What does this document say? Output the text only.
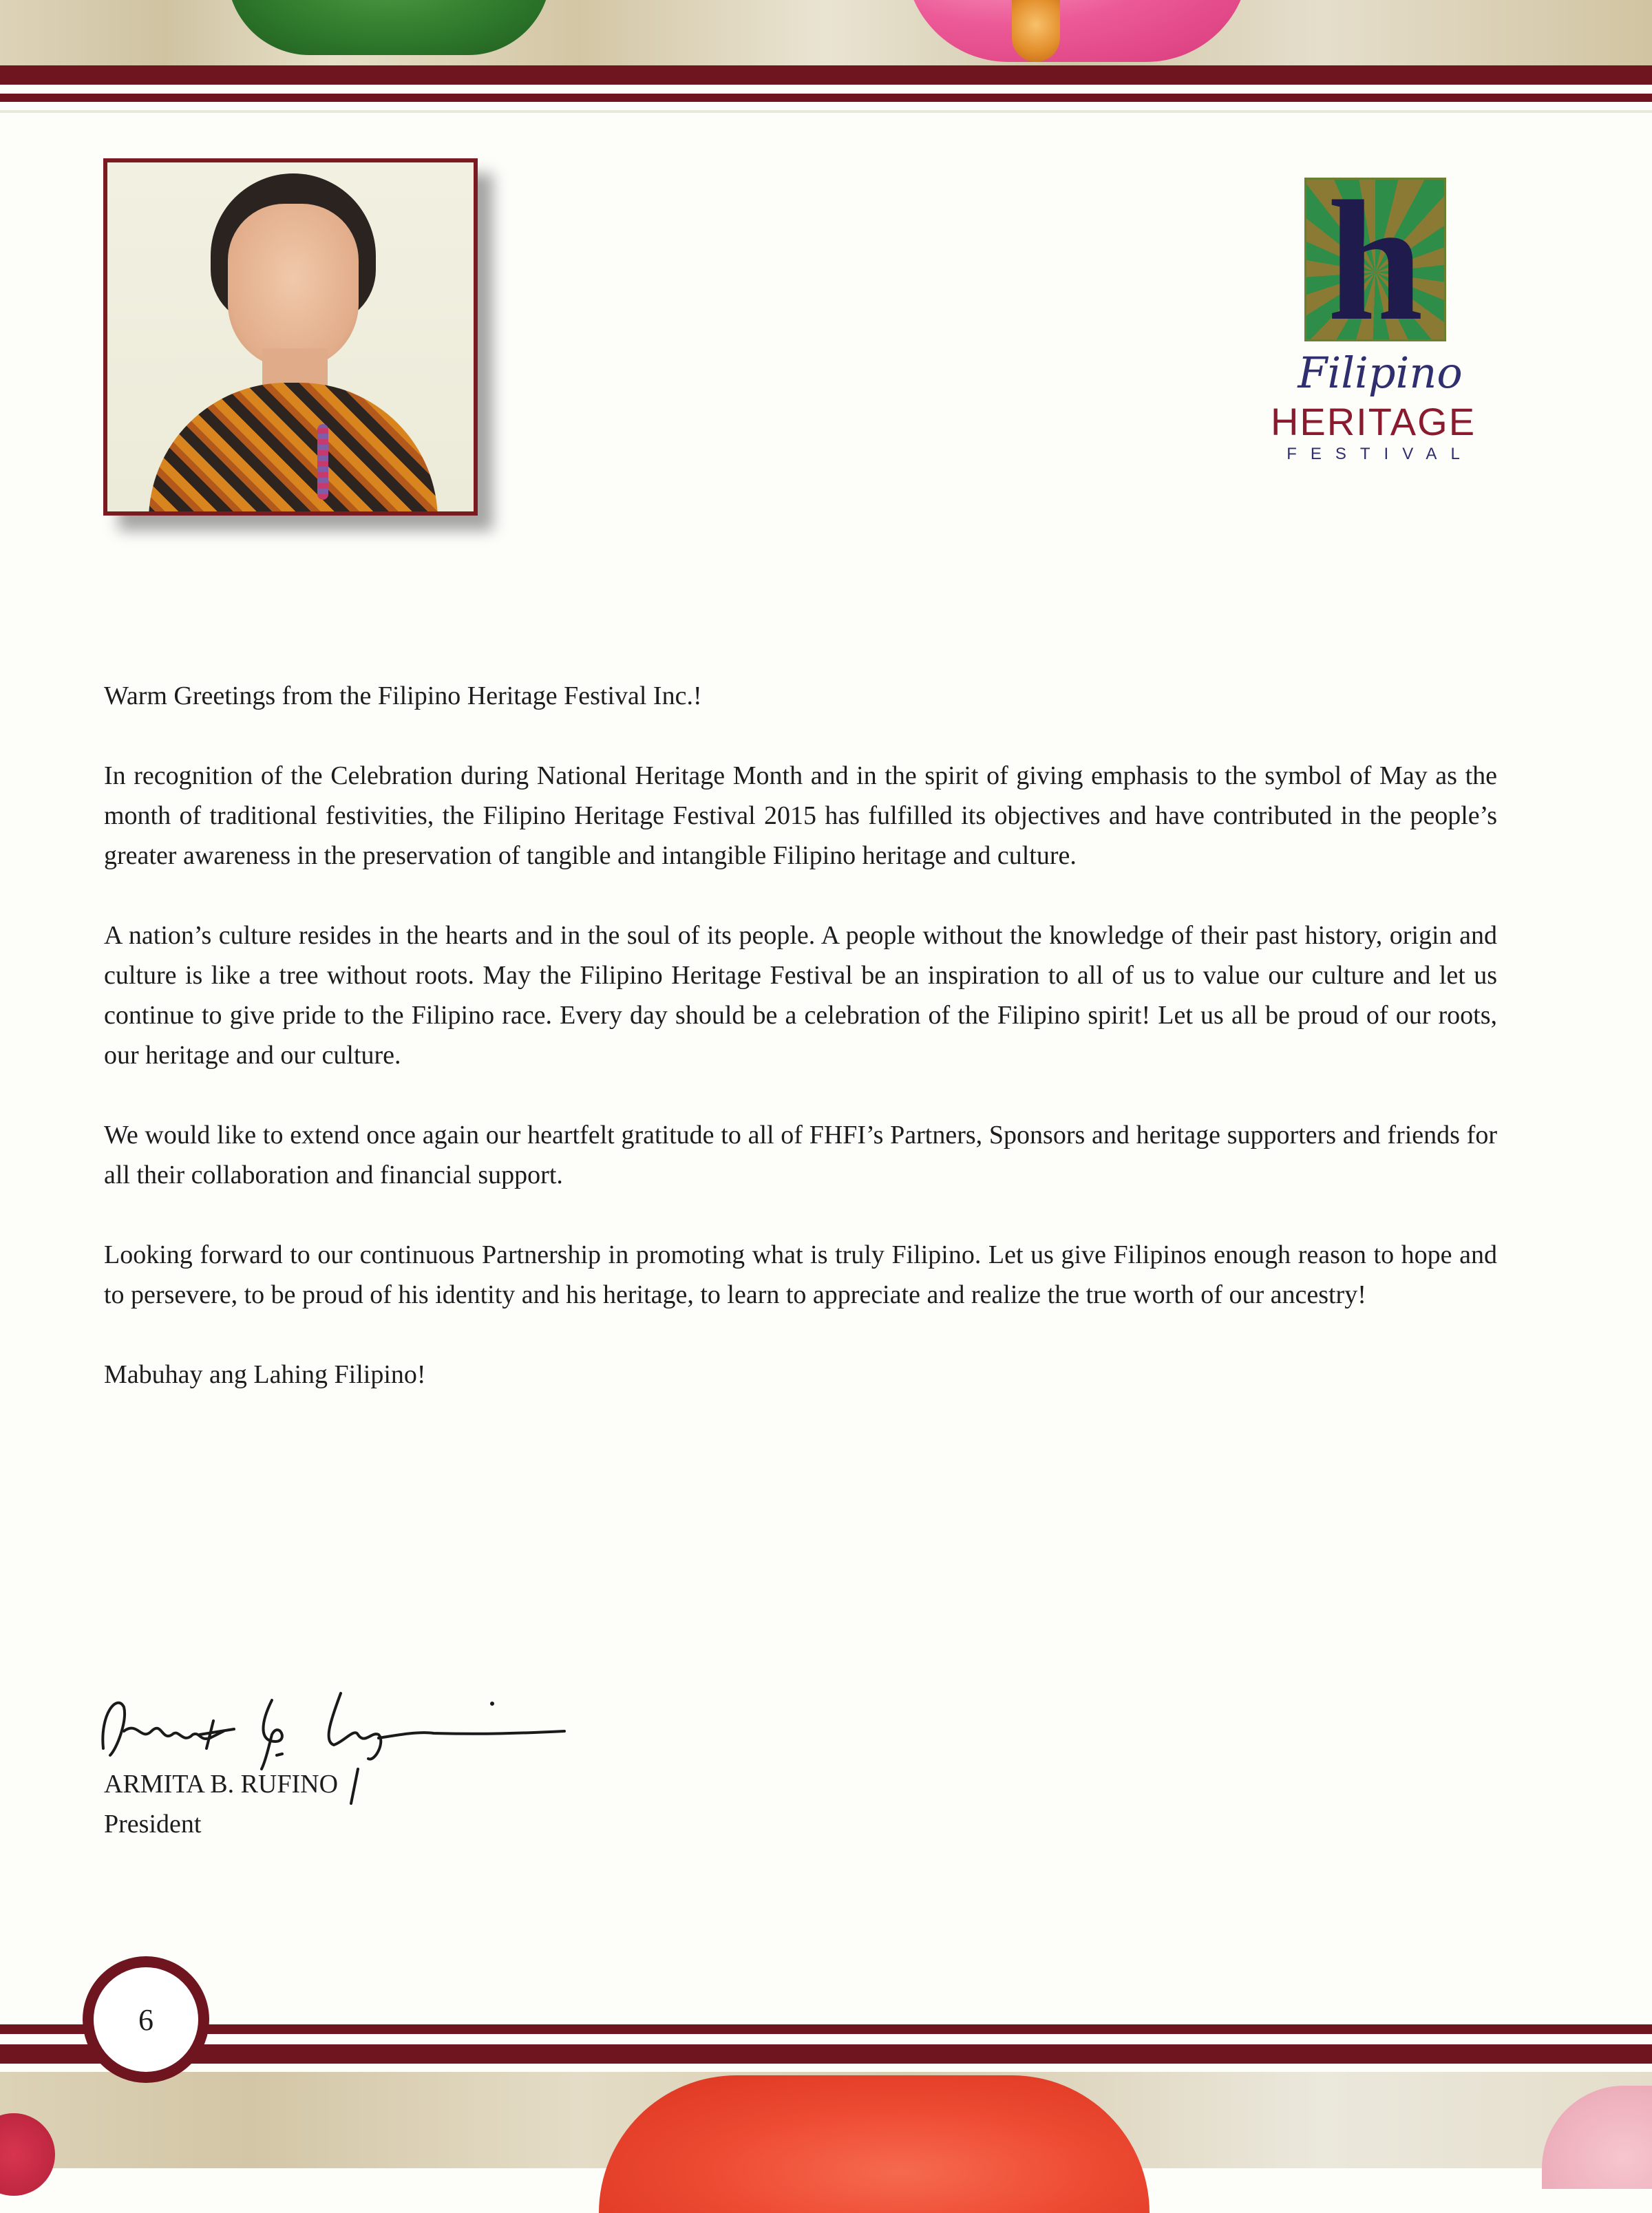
h
Filipino
HERITAGE
FESTIVAL

Warm Greetings from the Filipino Heritage Festival Inc.!

In recognition of the Celebration during National Heritage Month and in the spirit of giving emphasis to the symbol of May as the month of traditional festivities, the Filipino Heritage Festival 2015 has fulfilled its objectives and have contributed in the people’s greater awareness in the preservation of tangible and intangible Filipino heritage and culture.

A nation’s culture resides in the hearts and in the soul of its people. A people without the knowledge of their past history, origin and culture is like a tree without roots. May the Filipino Heritage Festival be an inspiration to all of us to value our culture and let us continue to give pride to the Filipino race. Every day should be a celebration of the Filipino spirit! Let us all be proud of our roots, our heritage and our culture.

We would like to extend once again our heartfelt gratitude to all of FHFI’s Partners, Sponsors and heritage supporters and friends for all their collaboration and financial support.

Looking forward to our continuous Partnership in promoting what is truly Filipino. Let us give Filipinos enough reason to hope and to persevere, to be proud of his identity and his heritage, to learn to appreciate and realize the true worth of our ancestry!

Mabuhay ang Lahing Filipino!

ARMITA B. RUFINO
President
6
